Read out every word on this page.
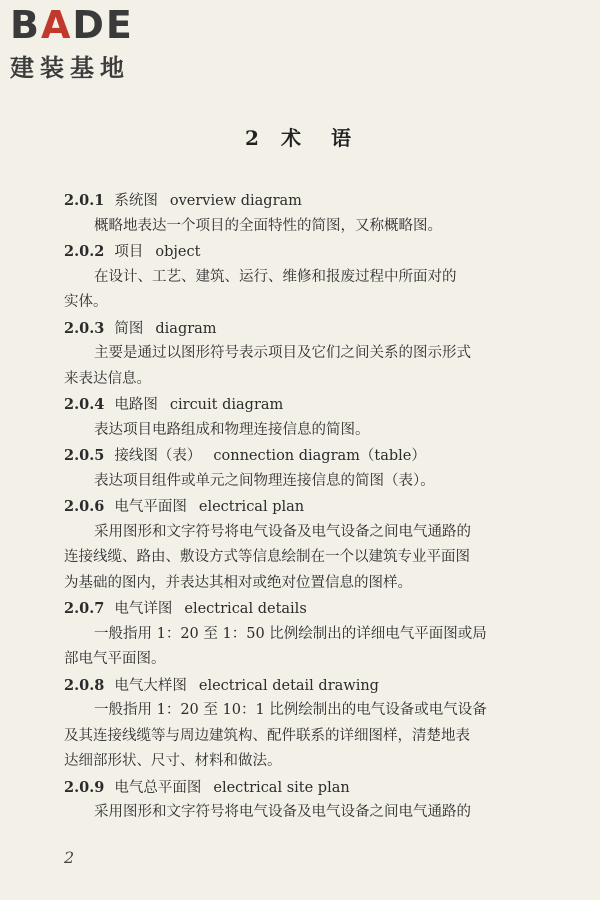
BADE
建装基地
2 术 语
2.0.1 系统图 overview diagram
概略地表达一个项目的全面特性的简图，又称概略图。
2.0.2 项目 object
在设计、工艺、建筑、运行、维修和报废过程中所面对的
实体。
2.0.3 简图 diagram
主要是通过以图形符号表示项目及它们之间关系的图示形式
来表达信息。
2.0.4 电路图 circuit diagram
表达项目电路组成和物理连接信息的简图。
2.0.5 接线图（表） connection diagram（table）
表达项目组件或单元之间物理连接信息的简图（表）。
2.0.6 电气平面图 electrical plan
采用图形和文字符号将电气设备及电气设备之间电气通路的
连接线缆、路由、敷设方式等信息绘制在一个以建筑专业平面图
为基础的图内，并表达其相对或绝对位置信息的图样。
2.0.7 电气详图 electrical details
一般指用 1：20 至 1：50 比例绘制出的详细电气平面图或局
部电气平面图。
2.0.8 电气大样图 electrical detail drawing
一般指用 1：20 至 10：1 比例绘制出的电气设备或电气设备
及其连接线缆等与周边建筑构、配件联系的详细图样，清楚地表
达细部形状、尺寸、材料和做法。
2.0.9 电气总平面图 electrical site plan
采用图形和文字符号将电气设备及电气设备之间电气通路的
2
